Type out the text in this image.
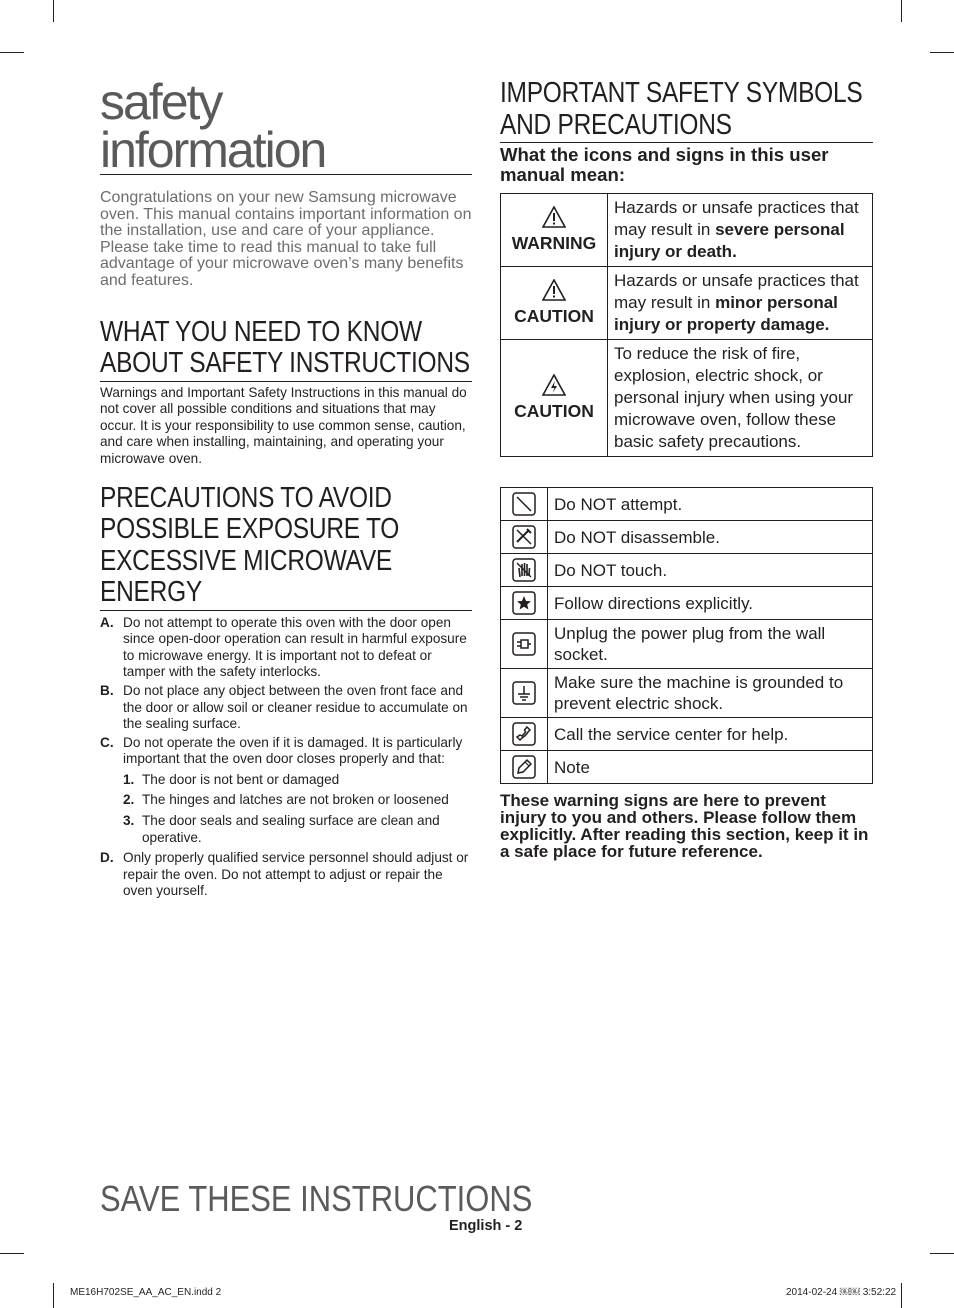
safety
information

Congratulations on your new Samsung microwave oven. This manual contains important information on the installation, use and care of your appliance. Please take time to read this manual to take full advantage of your microwave oven’s many benefits and features.

WHAT YOU NEED TO KNOW
ABOUT SAFETY INSTRUCTIONS

Warnings and Important Safety Instructions in this manual do not cover all possible conditions and situations that may occur. It is your responsibility to use common sense, caution, and care when installing, maintaining, and operating your microwave oven.

PRECAUTIONS TO AVOID
POSSIBLE EXPOSURE TO
EXCESSIVE MICROWAVE
ENERGY
A. Do not attempt to operate this oven with the door open since open-door operation can result in harmful exposure to microwave energy. It is important not to defeat or tamper with the safety interlocks.
B. Do not place any object between the oven front face and the door or allow soil or cleaner residue to accumulate on the sealing surface.
C. Do not operate the oven if it is damaged. It is particularly important that the oven door closes properly and that:
1. The door is not bent or damaged
2. The hinges and latches are not broken or loosened
3. The door seals and sealing surface are clean and operative.
D. Only properly qualified service personnel should adjust or repair the oven. Do not attempt to adjust or repair the oven yourself.
IMPORTANT SAFETY SYMBOLS
AND PRECAUTIONS

What the icons and signs in this user manual mean:

WARNING	Hazards or unsafe practices that may result in severe personal injury or death.

CAUTION	Hazards or unsafe practices that may result in minor personal injury or property damage.

CAUTION	To reduce the risk of fire, explosion, electric shock, or personal injury when using your microwave oven, follow these basic safety precautions.
	Do NOT attempt.
	Do NOT disassemble.
	Do NOT touch.
	Follow directions explicitly.
	Unplug the power plug from the wall socket.
	Make sure the machine is grounded to prevent electric shock.
	Call the service center for help.
	Note

These warning signs are here to prevent injury to you and others. Please follow them explicitly. After reading this section, keep it in a safe place for future reference.

SAVE THESE INSTRUCTIONS
English - 2
ME16H702SE_AA_AC_EN.indd 2	2014-02-24 ￼￼ 3:52:22
